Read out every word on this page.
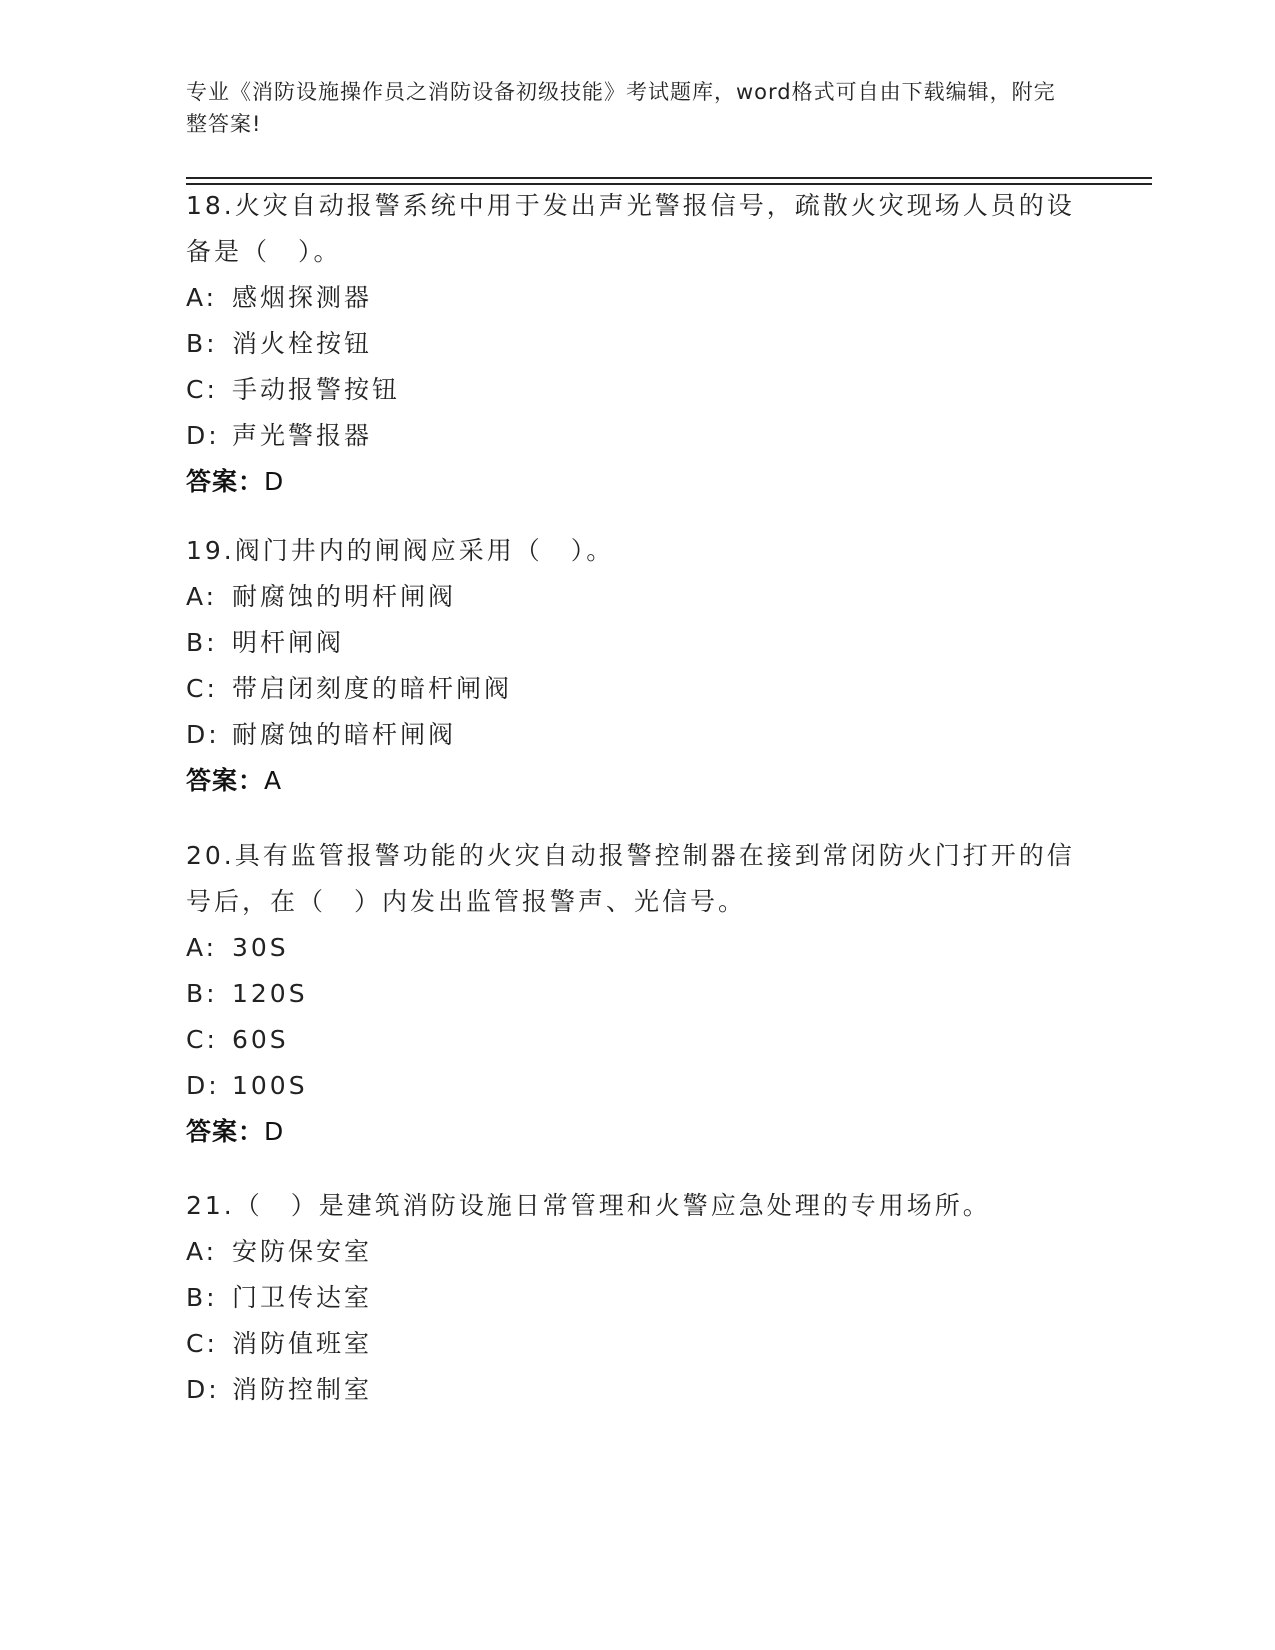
专业《消防设施操作员之消防设备初级技能》考试题库，word格式可自由下载编辑，附完整答案!
18.火灾自动报警系统中用于发出声光警报信号，疏散火灾现场人员的设备是（　）。
A: 感烟探测器
B: 消火栓按钮
C: 手动报警按钮
D: 声光警报器
答案：D
19.阀门井内的闸阀应采用（　）。
A: 耐腐蚀的明杆闸阀
B: 明杆闸阀
C: 带启闭刻度的暗杆闸阀
D: 耐腐蚀的暗杆闸阀
答案：A
20.具有监管报警功能的火灾自动报警控制器在接到常闭防火门打开的信号后，在（　）内发出监管报警声、光信号。
A: 30S
B: 120S
C: 60S
D: 100S
答案：D
21.（　）是建筑消防设施日常管理和火警应急处理的专用场所。
A: 安防保安室
B: 门卫传达室
C: 消防值班室
D: 消防控制室
